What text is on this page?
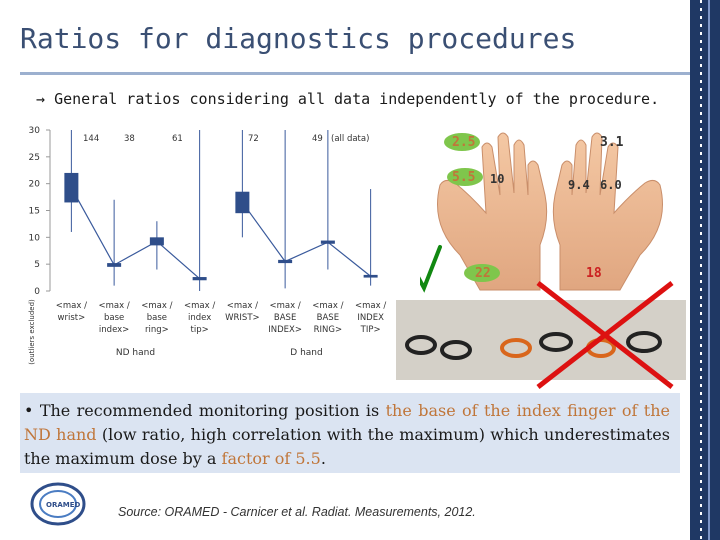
Ratios for diagnostics procedures
→ General ratios considering all data independently of the procedure.
0
5
10
15
20
25
30
(outliers excluded)
144	38	61	72	49 (all data)
<max /
wrist>
<max /
base
index>
<max /
base
ring>
<max /
index
tip>
<max /
WRIST>
<max /
BASE
INDEX>
<max /
BASE
RING>
<max /
INDEX
TIP>
ND hand	D hand
2.5
5.5 10
22
3.1
9.4 6.0
18
• The recommended monitoring position is the base of the index finger of the ND hand (low ratio, high correlation with the maximum) which underestimates the maximum dose by a factor of 5.5.
ORAMED	Source: ORAMED - Carnicer et al. Radiat. Measurements, 2012.
